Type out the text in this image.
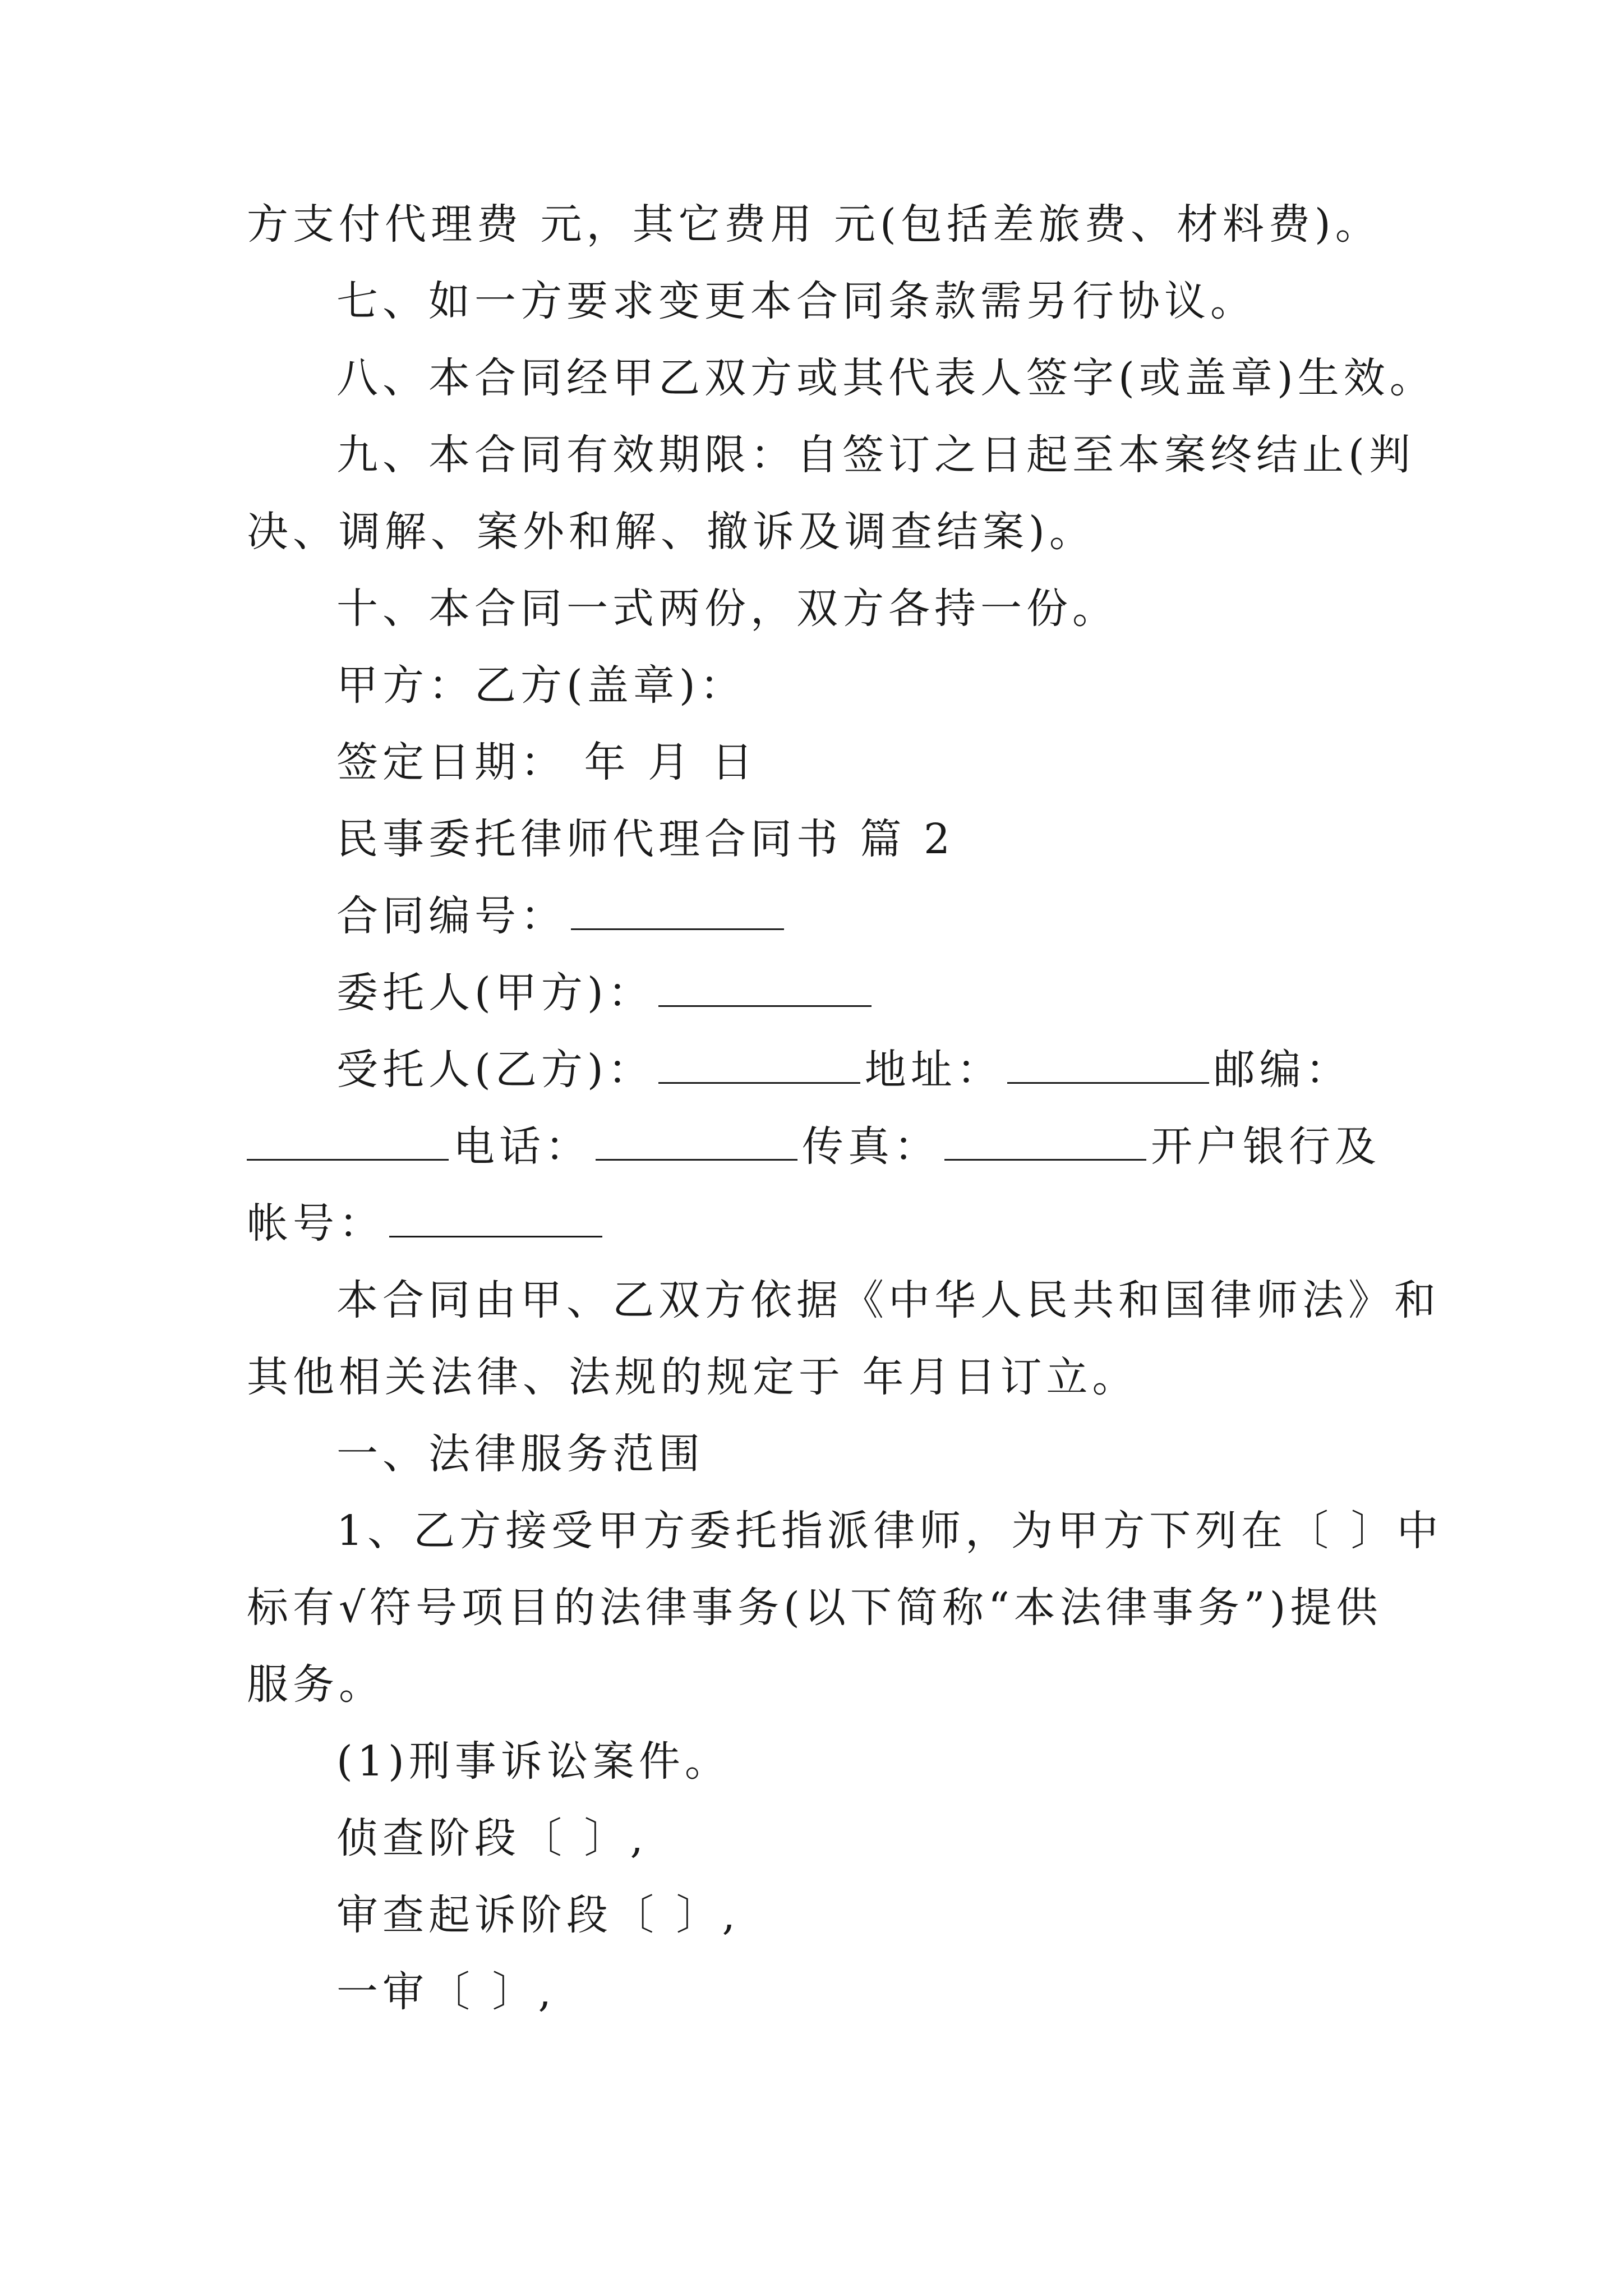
方支付代理费 元，其它费用 元(包括差旅费、材料费)。
七、如一方要求变更本合同条款需另行协议。
八、本合同经甲乙双方或其代表人签字(或盖章)生效。
九、本合同有效期限：自签订之日起至本案终结止(判
决、调解、案外和解、撤诉及调查结案)。
十、本合同一式两份，双方各持一份。
甲方：乙方(盖章)：
签定日期： 年 月 日
民事委托律师代理合同书 篇 2
合同编号：
委托人(甲方)：
受托人(乙方)：	地址：	邮编：
电话：	传真：	开户银行及
帐号：
本合同由甲、乙双方依据《中华人民共和国律师法》和
其他相关法律、法规的规定于 年月日订立。
一、法律服务范围
1、乙方接受甲方委托指派律师，为甲方下列在〔 〕中
标有√符号项目的法律事务(以下简称“本法律事务”)提供
服务。
(1)刑事诉讼案件。
侦查阶段〔 〕,
审查起诉阶段〔 〕,
一审〔 〕,
